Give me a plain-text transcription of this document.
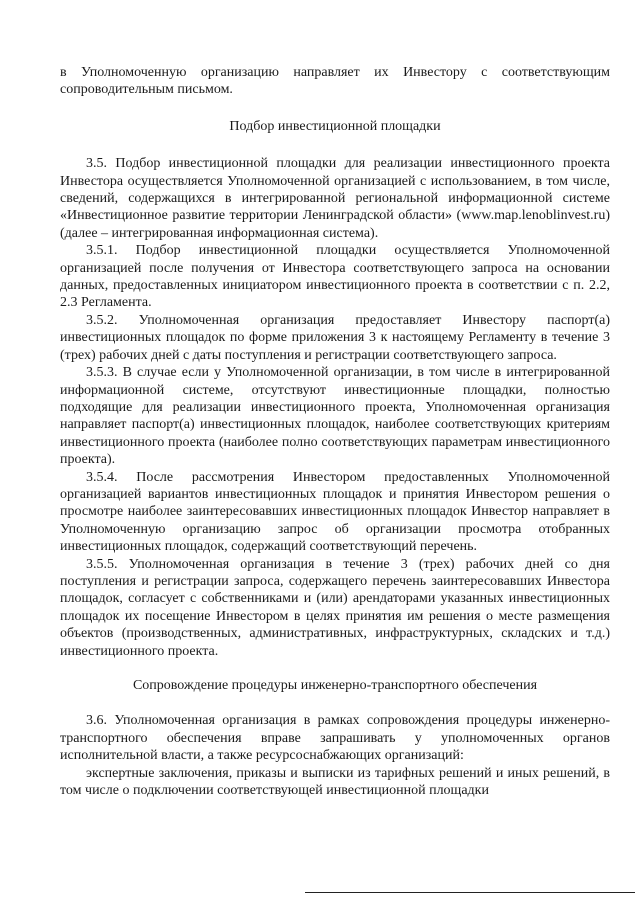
в Уполномоченную организацию направляет их Инвестору с соответствующим сопроводительным письмом.

Подбор инвестиционной площадки

3.5. Подбор инвестиционной площадки для реализации инвестиционного проекта Инвестора осуществляется Уполномоченной организацией с использованием, в том числе, сведений, содержащихся в интегрированной региональной информационной системе «Инвестиционное развитие территории Ленинградской области» (www.map.lenoblinvest.ru) (далее – интегрированная информационная система).

3.5.1. Подбор инвестиционной площадки осуществляется Уполномоченной организацией после получения от Инвестора соответствующего запроса на основании данных, предоставленных инициатором инвестиционного проекта в соответствии с п. 2.2, 2.3 Регламента.

3.5.2. Уполномоченная организация предоставляет Инвестору паспорт(а) инвестиционных площадок по форме приложения 3 к настоящему Регламенту в течение 3 (трех) рабочих дней с даты поступления и регистрации соответствующего запроса.

3.5.3. В случае если у Уполномоченной организации, в том числе в интегрированной информационной системе, отсутствуют инвестиционные площадки, полностью подходящие для реализации инвестиционного проекта, Уполномоченная организация направляет паспорт(а) инвестиционных площадок, наиболее соответствующих критериям инвестиционного проекта (наиболее полно соответствующих параметрам инвестиционного проекта).

3.5.4. После рассмотрения Инвестором предоставленных Уполномоченной организацией вариантов инвестиционных площадок и принятия Инвестором решения о просмотре наиболее заинтересовавших инвестиционных площадок Инвестор направляет в Уполномоченную организацию запрос об организации просмотра отобранных инвестиционных площадок, содержащий соответствующий перечень.

3.5.5. Уполномоченная организация в течение 3 (трех) рабочих дней со дня поступления и регистрации запроса, содержащего перечень заинтересовавших Инвестора площадок, согласует с собственниками и (или) арендаторами указанных инвестиционных площадок их посещение Инвестором в целях принятия им решения о месте размещения объектов (производственных, административных, инфраструктурных, складских и т.д.) инвестиционного проекта.

Сопровождение процедуры инженерно-транспортного обеспечения

3.6. Уполномоченная организация в рамках сопровождения процедуры инженерно-транспортного обеспечения вправе запрашивать у уполномоченных органов исполнительной власти, а также ресурсоснабжающих организаций:

экспертные заключения, приказы и выписки из тарифных решений и иных решений, в том числе о подключении соответствующей инвестиционной площадки
